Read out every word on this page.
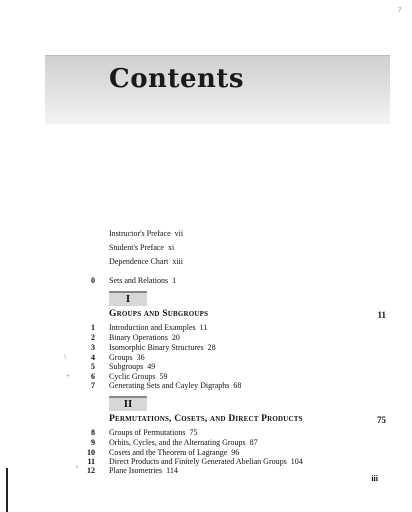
Contents
?
Instructor's Preface vii
Student's Preface xi
Dependence Chart xiii
0 Sets and Relations 1
I
Groups and Subgroups	11
1 Introduction and Examples 11
2 Binary Operations 20
3 Isomorphic Binary Structures 28
\	4 Groups 36
5 Subgroups 49
+	6 Cyclic Groups 59
7 Generating Sets and Cayley Digraphs 68
II
Permutations, Cosets, and Direct Products	75
8 Groups of Permutations 75
9 Orbits, Cycles, and the Alternating Groups 87
10 Cosets and the Theorem of Lagrange 96
11 Direct Products and Finitely Generated Abelian Groups 104
¹	12 Plane Isometries 114
iii
